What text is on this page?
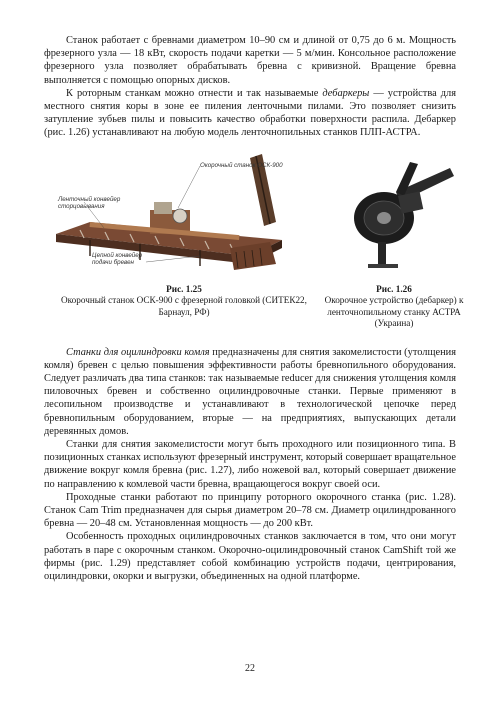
Станок работает с бревнами диаметром 10–90 см и длиной от 0,75 до 6 м. Мощность фрезерного узла — 18 кВт, скорость подачи каретки — 5 м/мин. Консольное расположение фрезерного узла позволяет обрабатывать бревна с кривизной. Вращение бревна выполняется с помощью опорных дисков.

К роторным станкам можно отнести и так называемые дебаркеры — устройства для местного снятия коры в зоне ее пиления ленточными пилами. Это позволяет снизить затупление зубьев пилы и повысить качество обработки поверхности распила. Дебаркер (рис. 1.26) устанавливают на любую модель ленточнопильных станков ПЛП-АСТРА.

Окорочный станок ОСК-900
Ленточный конвейер
сторцовывания
Цепной конвейер
подачи бревен
Рис. 1.25
Окорочный станок ОСК-900 с фрезерной головкой (СИТЕК22, Барнаул, РФ)
Рис. 1.26
Окорочное устройство (дебаркер) к ленточнопильному станку АСТРА (Украина)

Станки для оцилиндровки комля предназначены для снятия закомелистости (утолщения комля) бревен с целью повышения эффективности работы бревнопильного оборудования. Следует различать два типа станков: так называемые reducer для снижения утолщения комля пиловочных бревен и собственно оцилиндровочные станки. Первые применяют в лесопильном производстве и устанавливают в технологической цепочке перед бревнопильным оборудованием, вторые — на предприятиях, выпускающих детали деревянных домов.

Станки для снятия закомелистости могут быть проходного или позиционного типа. В позиционных станках используют фрезерный инструмент, который совершает вращательное движение вокруг комля бревна (рис. 1.27), либо ножевой вал, который совершает движение по направлению к комлевой части бревна, вращающегося вокруг своей оси.

Проходные станки работают по принципу роторного окорочного станка (рис. 1.28). Станок Cam Trim предназначен для сырья диаметром 20–78 см. Диаметр оцилиндрованного бревна — 20–48 см. Установленная мощность — до 200 кВт.

Особенность проходных оцилиндровочных станков заключается в том, что они могут работать в паре с окорочным станком. Окорочно-оцилиндровочный станок CamShift той же фирмы (рис. 1.29) представляет собой комбинацию устройств подачи, центрирования, оцилиндровки, окорки и выгрузки, объединенных на одной платформе.

22
